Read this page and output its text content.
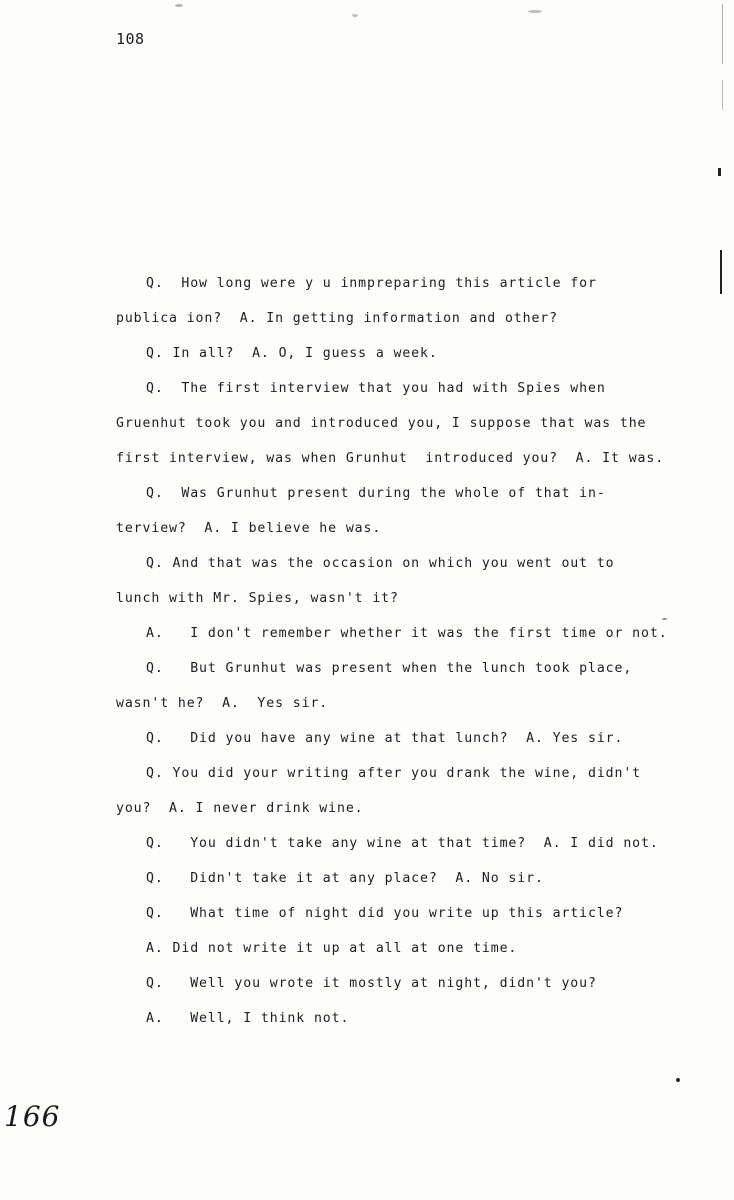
108
Q.  How long were y u inmpreparing this article for
publica ion?  A. In getting information and other?
Q. In all?  A. O, I guess a week.
Q.  The first interview that you had with Spies when
Gruenhut took you and introduced you, I suppose that was the
first interview, was when Grunhut  introduced you?  A. It was.
Q.  Was Grunhut present during the whole of that in-
terview?  A. I believe he was.
Q. And that was the occasion on which you went out to
lunch with Mr. Spies, wasn't it?
A.   I don't remember whether it was the first time or not.
Q.   But Grunhut was present when the lunch took place,
wasn't he?  A.  Yes sir.
Q.   Did you have any wine at that lunch?  A. Yes sir.
Q. You did your writing after you drank the wine, didn't
you?  A. I never drink wine.
Q.   You didn't take any wine at that time?  A. I did not.
Q.   Didn't take it at any place?  A. No sir.
Q.   What time of night did you write up this article?
A. Did not write it up at all at one time.
Q.   Well you wrote it mostly at night, didn't you?
A.   Well, I think not.
166
